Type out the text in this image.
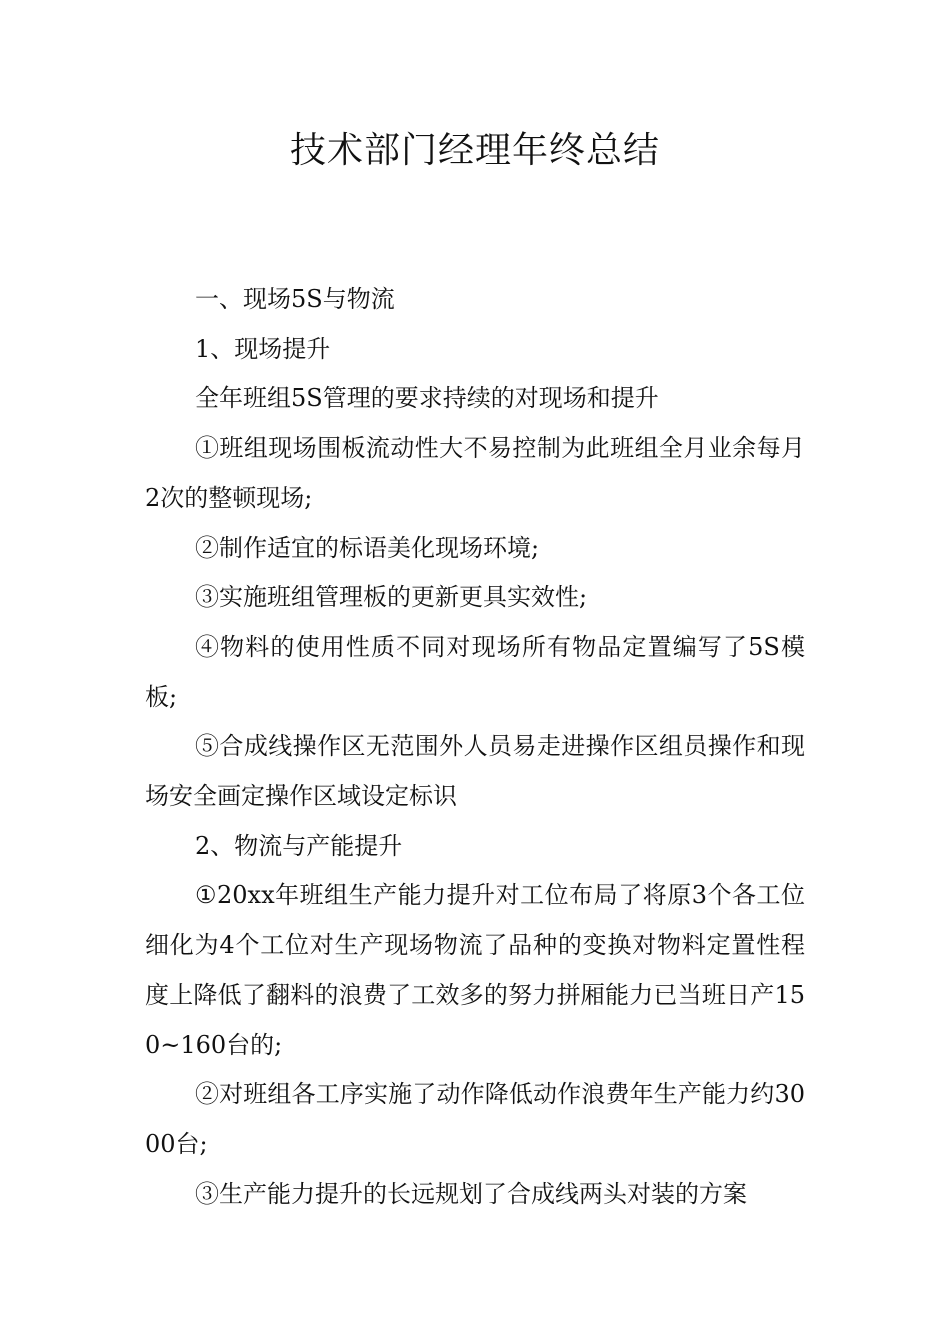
技术部门经理年终总结

一、现场5S与物流

1、现场提升

全年班组5S管理的要求持续的对现场和提升

①班组现场围板流动性大不易控制为此班组全月业余每月2次的整顿现场;

②制作适宜的标语美化现场环境;

③实施班组管理板的更新更具实效性;

④物料的使用性质不同对现场所有物品定置编写了5S模板;

⑤合成线操作区无范围外人员易走进操作区组员操作和现场安全画定操作区域设定标识

2、物流与产能提升

①20xx年班组生产能力提升对工位布局了将原3个各工位细化为4个工位对生产现场物流了品种的变换对物料定置性程度上降低了翻料的浪费了工效多的努力拼厢能力已当班日产150~160台的;

②对班组各工序实施了动作降低动作浪费年生产能力约3000台;

③生产能力提升的长远规划了合成线两头对装的方案
